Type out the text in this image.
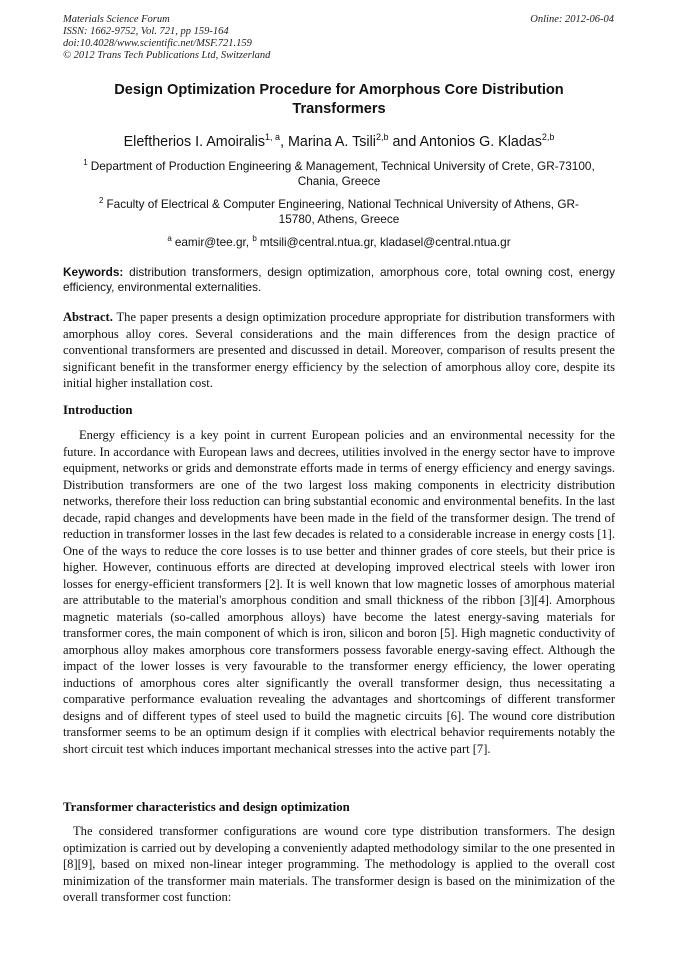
Materials Science Forum
ISSN: 1662-9752, Vol. 721, pp 159-164
doi:10.4028/www.scientific.net/MSF.721.159
© 2012 Trans Tech Publications Ltd, Switzerland
Online: 2012-06-04
Design Optimization Procedure for Amorphous Core Distribution
Transformers
Eleftherios I. Amoiralis$^{1, a}$, Marina A. Tsili$^{2,b}$ and Antonios G. Kladas$^{2,b}$
$^1$ Department of Production Engineering & Management, Technical University of Crete, GR-73100,
Chania, Greece
$^2$ Faculty of Electrical & Computer Engineering, National Technical University of Athens, GR-
15780, Athens, Greece
$^a$ eamir@tee.gr, $^b$ mtsili@central.ntua.gr, kladasel@central.ntua.gr
Keywords: distribution transformers, design optimization, amorphous core, total owning cost, energy efficiency, environmental externalities.
Abstract. The paper presents a design optimization procedure appropriate for distribution transformers with amorphous alloy cores. Several considerations and the main differences from the design practice of conventional transformers are presented and discussed in detail. Moreover, comparison of results present the significant benefit in the transformer energy efficiency by the selection of amorphous alloy core, despite its initial higher installation cost.
Introduction
Energy efficiency is a key point in current European policies and an environmental necessity for the future. In accordance with European laws and decrees, utilities involved in the energy sector have to improve equipment, networks or grids and demonstrate efforts made in terms of energy efficiency and energy savings. Distribution transformers are one of the two largest loss making components in electricity distribution networks, therefore their loss reduction can bring substantial economic and environmental benefits. In the last decade, rapid changes and developments have been made in the field of the transformer design. The trend of reduction in transformer losses in the last few decades is related to a considerable increase in energy costs [1]. One of the ways to reduce the core losses is to use better and thinner grades of core steels, but their price is higher. However, continuous efforts are directed at developing improved electrical steels with lower iron losses for energy-efficient transformers [2]. It is well known that low magnetic losses of amorphous material are attributable to the material's amorphous condition and small thickness of the ribbon [3][4]. Amorphous magnetic materials (so-called amorphous alloys) have become the latest energy-saving materials for transformer cores, the main component of which is iron, silicon and boron [5]. High magnetic conductivity of amorphous alloy makes amorphous core transformers possess favorable energy-saving effect. Although the impact of the lower losses is very favourable to the transformer energy efficiency, the lower operating inductions of amorphous cores alter significantly the overall transformer design, thus necessitating a comparative performance evaluation revealing the advantages and shortcomings of different transformer designs and of different types of steel used to build the magnetic circuits [6]. The wound core distribution transformer seems to be an optimum design if it complies with electrical behavior requirements notably the short circuit test which induces important mechanical stresses into the active part [7].
Transformer characteristics and design optimization
The considered transformer configurations are wound core type distribution transformers. The design optimization is carried out by developing a conveniently adapted methodology similar to the one presented in [8][9], based on mixed non-linear integer programming. The methodology is applied to the overall cost minimization of the transformer main materials. The transformer design is based on the minimization of the overall transformer cost function:
